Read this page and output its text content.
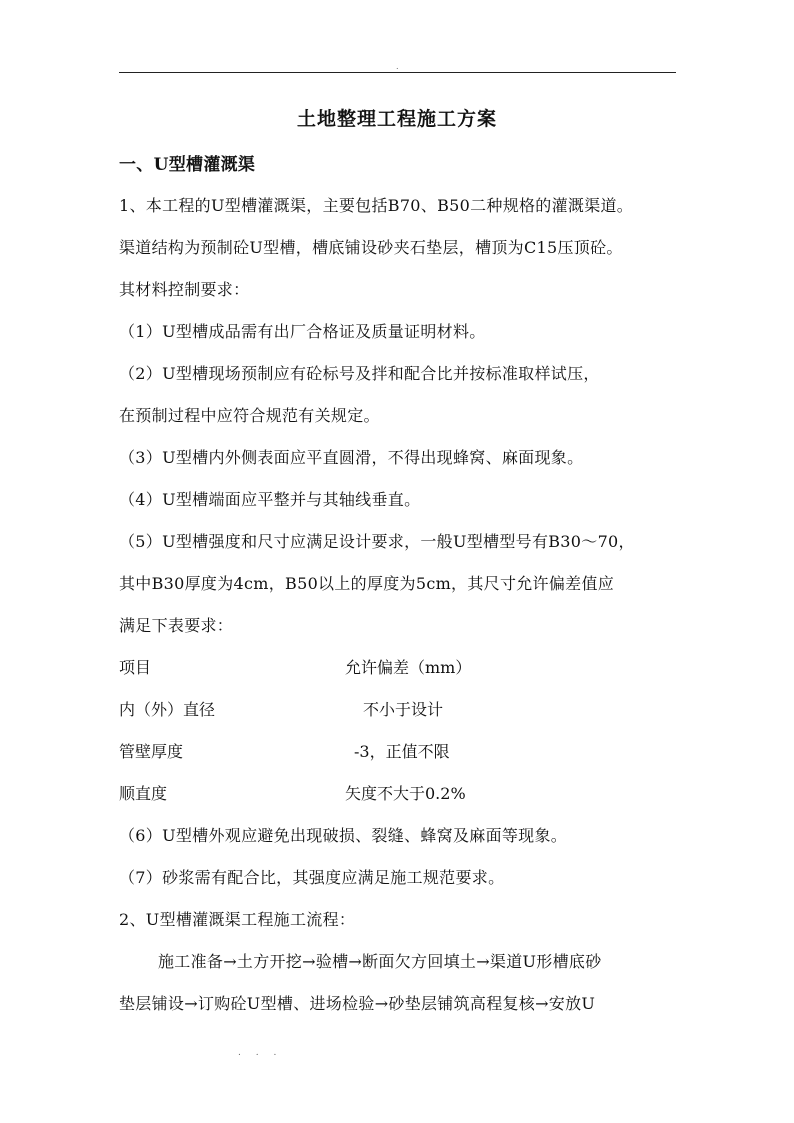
.
土地整理工程施工方案
一、U型槽灌溉渠
1、本工程的U型槽灌溉渠，主要包括B70、B50二种规格的灌溉渠道。
渠道结构为预制砼U型槽，槽底铺设砂夹石垫层，槽顶为C15压顶砼。
其材料控制要求：
（1）U型槽成品需有出厂合格证及质量证明材料。
（2）U型槽现场预制应有砼标号及拌和配合比并按标准取样试压，
在预制过程中应符合规范有关规定。
（3）U型槽内外侧表面应平直圆滑，不得出现蜂窝、麻面现象。
（4）U型槽端面应平整并与其轴线垂直。
（5）U型槽强度和尺寸应满足设计要求，一般U型槽型号有B30～70，
其中B30厚度为4cm，B50以上的厚度为5cm，其尺寸允许偏差值应
满足下表要求：
项目	允许偏差（mm）
内（外）直径	不小于设计
管壁厚度	-3，正值不限
顺直度	矢度不大于0.2%
（6）U型槽外观应避免出现破损、裂缝、蜂窝及麻面等现象。
（7）砂浆需有配合比，其强度应满足施工规范要求。
2、U型槽灌溉渠工程施工流程：
施工准备→土方开挖→验槽→断面欠方回填土→渠道U形槽底砂
垫层铺设→订购砼U型槽、进场检验→砂垫层铺筑高程复核→安放U
. . .
